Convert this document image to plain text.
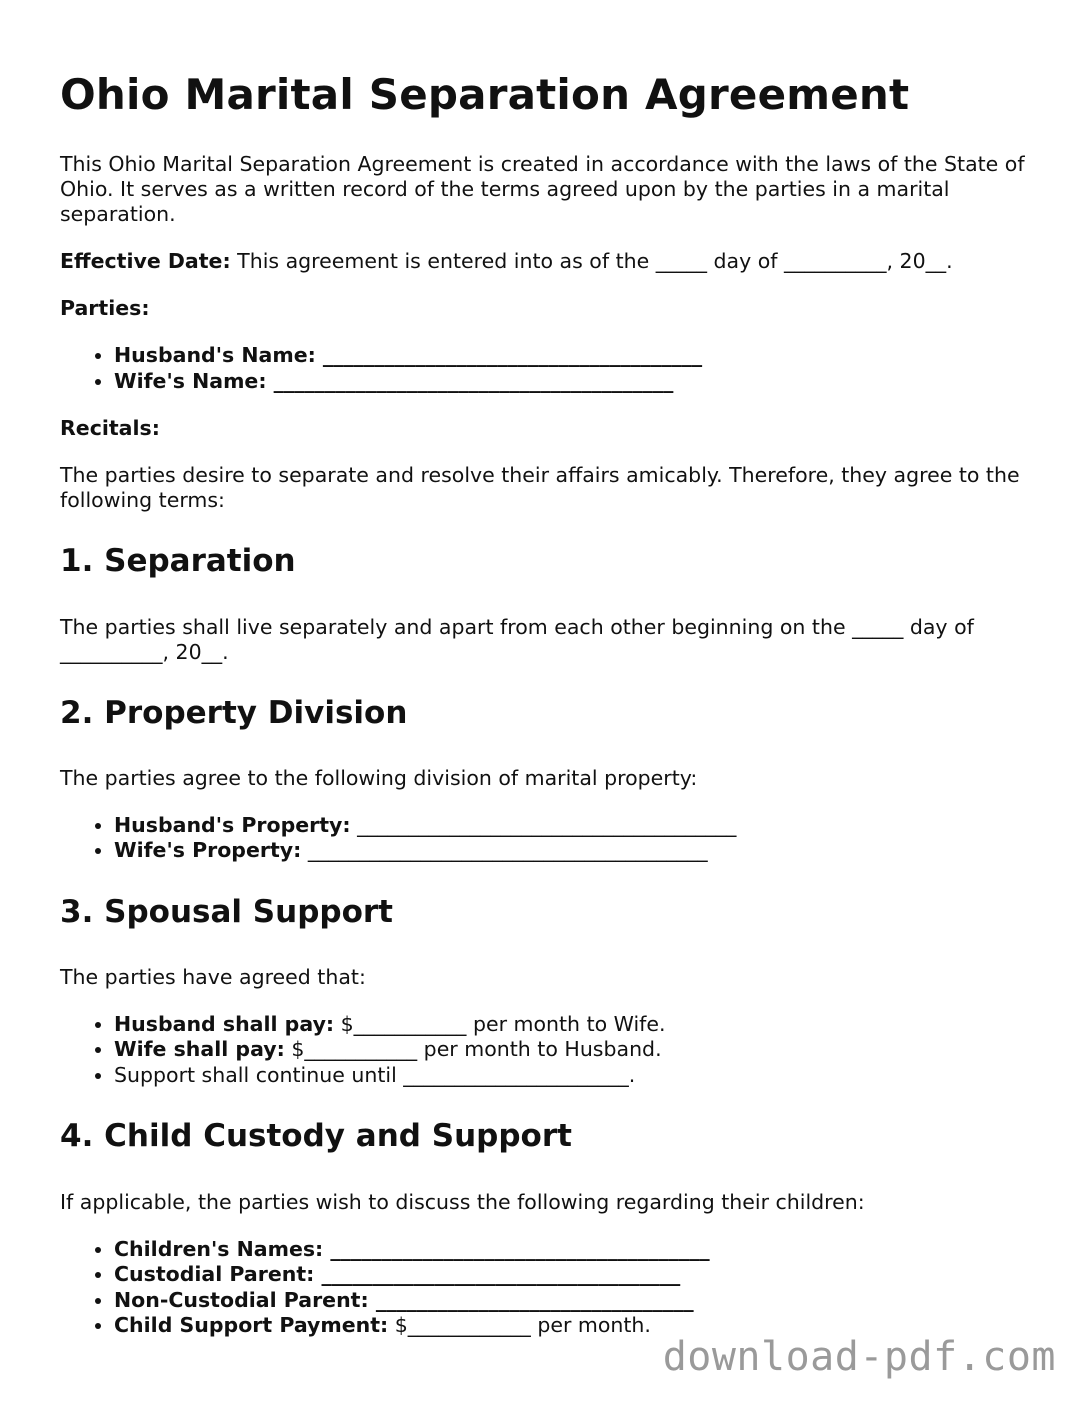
Ohio Marital Separation Agreement

This Ohio Marital Separation Agreement is created in accordance with the laws of the State of Ohio. It serves as a written record of the terms agreed upon by the parties in a marital separation.

Effective Date: This agreement is entered into as of the _____ day of __________, 20__.

Parties:

• Husband's Name: _____________________________________
• Wife's Name: _______________________________________

Recitals:

The parties desire to separate and resolve their affairs amicably. Therefore, they agree to the following terms:

1. Separation

The parties shall live separately and apart from each other beginning on the _____ day of __________, 20__.

2. Property Division

The parties agree to the following division of marital property:

• Husband's Property: _____________________________________
• Wife's Property: _______________________________________
3. Spousal Support

The parties have agreed that:

• Husband shall pay: $___________ per month to Wife.
• Wife shall pay: $___________ per month to Husband.
• Support shall continue until ______________________.
4. Child Custody and Support

If applicable, the parties wish to discuss the following regarding their children:

• Children's Names: _____________________________________
• Custodial Parent: ___________________________________
• Non-Custodial Parent: _______________________________
• Child Support Payment: $____________ per month.
download-pdf.com
